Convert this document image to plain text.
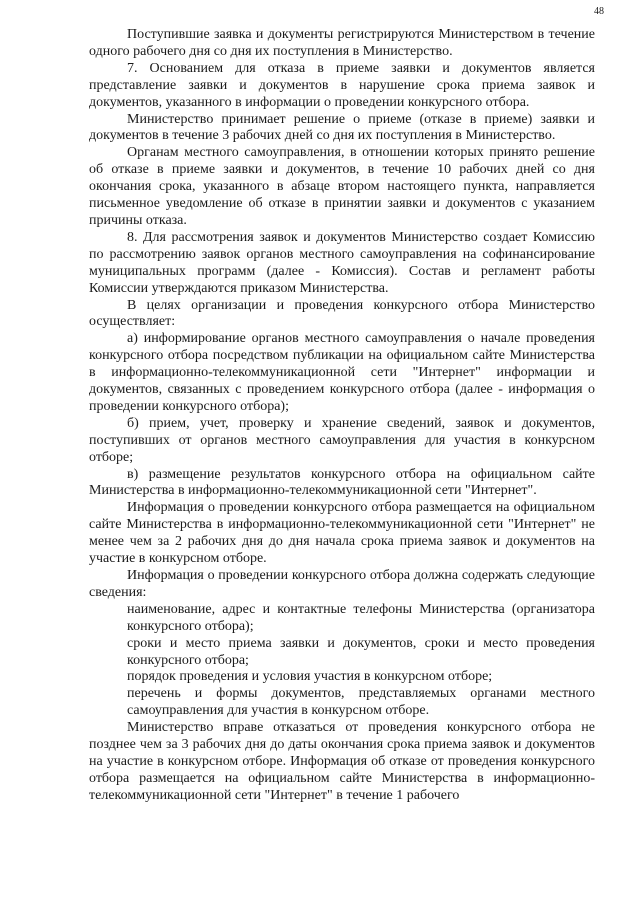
48

Поступившие заявка и документы регистрируются Министерством в течение одного рабочего дня со дня их поступления в Министерство.

7. Основанием для отказа в приеме заявки и документов является представление заявки и документов в нарушение срока приема заявок и документов, указанного в информации о проведении конкурсного отбора.

Министерство принимает решение о приеме (отказе в приеме) заявки и документов в течение 3 рабочих дней со дня их поступления в Министерство.

Органам местного самоуправления, в отношении которых принято решение об отказе в приеме заявки и документов, в течение 10 рабочих дней со дня окончания срока, указанного в абзаце втором настоящего пункта, направляется письменное уведомление об отказе в принятии заявки и документов с указанием причины отказа.

8. Для рассмотрения заявок и документов Министерство создает Комиссию по рассмотрению заявок органов местного самоуправления на софинансирование муниципальных программ (далее - Комиссия). Состав и регламент работы Комиссии утверждаются приказом Министерства.

В целях организации и проведения конкурсного отбора Министерство осуществляет:

а) информирование органов местного самоуправления о начале проведения конкурсного отбора посредством публикации на официальном сайте Министерства в информационно-телекоммуникационной сети "Интернет" информации и документов, связанных с проведением конкурсного отбора (далее - информация о проведении конкурсного отбора);

б) прием, учет, проверку и хранение сведений, заявок и документов, поступивших от органов местного самоуправления для участия в конкурсном отборе;

в) размещение результатов конкурсного отбора на официальном сайте Министерства в информационно-телекоммуникационной сети "Интернет".

Информация о проведении конкурсного отбора размещается на официальном сайте Министерства в информационно-телекоммуникационной сети "Интернет" не менее чем за 2 рабочих дня до дня начала срока приема заявок и документов на участие в конкурсном отборе.

Информация о проведении конкурсного отбора должна содержать следующие сведения:

наименование, адрес и контактные телефоны Министерства (организатора конкурсного отбора);

сроки и место приема заявки и документов, сроки и место проведения конкурсного отбора;

порядок проведения и условия участия в конкурсном отборе;

перечень и формы документов, представляемых органами местного самоуправления для участия в конкурсном отборе.

Министерство вправе отказаться от проведения конкурсного отбора не позднее чем за 3 рабочих дня до даты окончания срока приема заявок и документов на участие в конкурсном отборе. Информация об отказе от проведения конкурсного отбора размещается на официальном сайте Министерства в информационно-телекоммуникационной сети "Интернет" в течение 1 рабочего
